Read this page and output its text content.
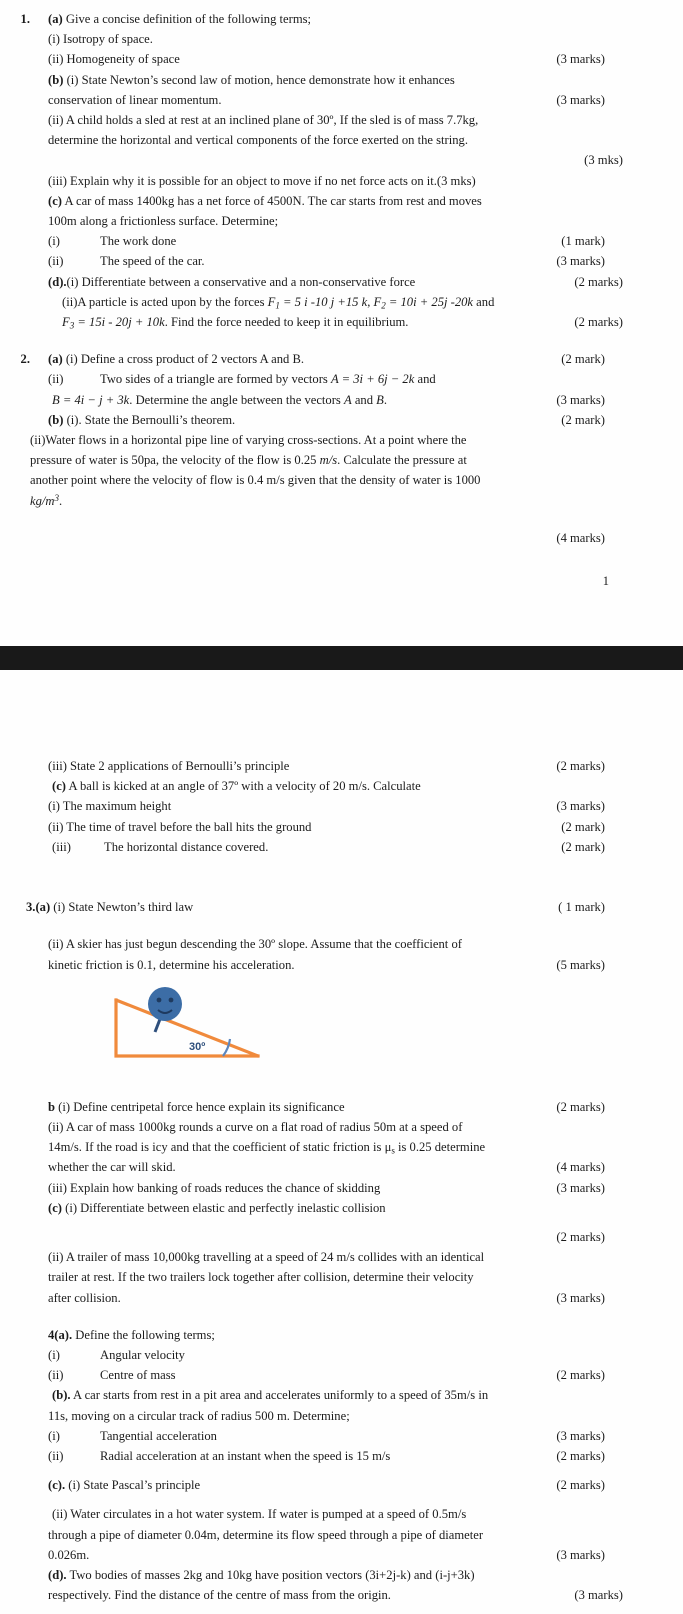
1. (a) Give a concise definition of the following terms;
(i) Isotropy of space.
(ii) Homogeneity of space	(3 marks)
(b) (i) State Newton’s second law of motion, hence demonstrate how it enhances
conservation of linear momentum.	(3 marks)
(ii) A child holds a sled at rest at an inclined plane of 30º, If the sled is of mass 7.7kg,
determine the horizontal and vertical components of the force exerted on the string.
(3 mks)

(iii) Explain why it is possible for an object to move if no net force acts on it.(3 mks)
(c) A car of mass 1400kg has a net force of 4500N. The car starts from rest and moves
100m along a frictionless surface. Determine;
(i)	The work done	(1 mark)
(ii)	The speed of the car.	(3 marks)
(d).(i) Differentiate between a conservative and a non-conservative force	(2 marks)
(ii)A particle is acted upon by the forces $F_1 = 5$ i -10 j +15 k, $F_2 = 10i + 25j$ -20k and
$F_3 = 15i - 20j + 10k$. Find the force needed to keep it in equilibrium.	(2 marks)
2. (a) (i) Define a cross product of 2 vectors A and B.	(2 mark)
(ii)	Two sides of a triangle are formed by vectors A = 3i + 6j − 2k and
B = 4i − j + 3k. Determine the angle between the vectors A and B.	(3 marks)
(b) (i). State the Bernoulli’s theorem.	(2 mark)
(ii)Water flows in a horizontal pipe line of varying cross-sections. At a point where the
pressure of water is 50pa, the velocity of the flow is 0.25 m/s. Calculate the pressure at
another point where the velocity of flow is 0.4 m/s given that the density of water is 1000
$kg/m^3$.
(4 marks)

1
(iii) State 2 applications of Bernoulli’s principle	(2 marks)
(c) A ball is kicked at an angle of 37º with a velocity of 20 m/s. Calculate
(i) The maximum height	(3 marks)
(ii) The time of travel before the ball hits the ground	(2 mark)
(iii)	The horizontal distance covered.	(2 mark)
3.(a) (i) State Newton’s third law	( 1 mark)
(ii) A skier has just begun descending the 30º slope. Assume that the coefficient of
kinetic friction is 0.1, determine his acceleration.	(5 marks)
30º
b (i) Define centripetal force hence explain its significance	(2 marks)
(ii) A car of mass 1000kg rounds a curve on a flat road of radius 50m at a speed of
14m/s. If the road is icy and that the coefficient of static friction is $\mu_s$ is 0.25 determine
whether the car will skid.	(4 marks)
(iii) Explain how banking of roads reduces the chance of skidding	(3 marks)
(c) (i) Differentiate between elastic and perfectly inelastic collision
(2 marks)

(ii) A trailer of mass 10,000kg travelling at a speed of 24 m/s collides with an identical
trailer at rest. If the two trailers lock together after collision, determine their velocity
after collision.	(3 marks)
4(a). Define the following terms;
(i)	Angular velocity
(ii)	Centre of mass	(2 marks)
(b). A car starts from rest in a pit area and accelerates uniformly to a speed of 35m/s in
11s, moving on a circular track of radius 500 m. Determine;
(i)	Tangential acceleration	(3 marks)
(ii)	Radial acceleration at an instant when the speed is 15 m/s	(2 marks)
(c). (i) State Pascal’s principle	(2 marks)
(ii) Water circulates in a hot water system. If water is pumped at a speed of 0.5m/s
through a pipe of diameter 0.04m, determine its flow speed through a pipe of diameter
0.026m.	(3 marks)
(d). Two bodies of masses 2kg and 10kg have position vectors (3i+2j-k) and (i-j+3k)
respectively. Find the distance of the centre of mass from the origin.	(3 marks)
